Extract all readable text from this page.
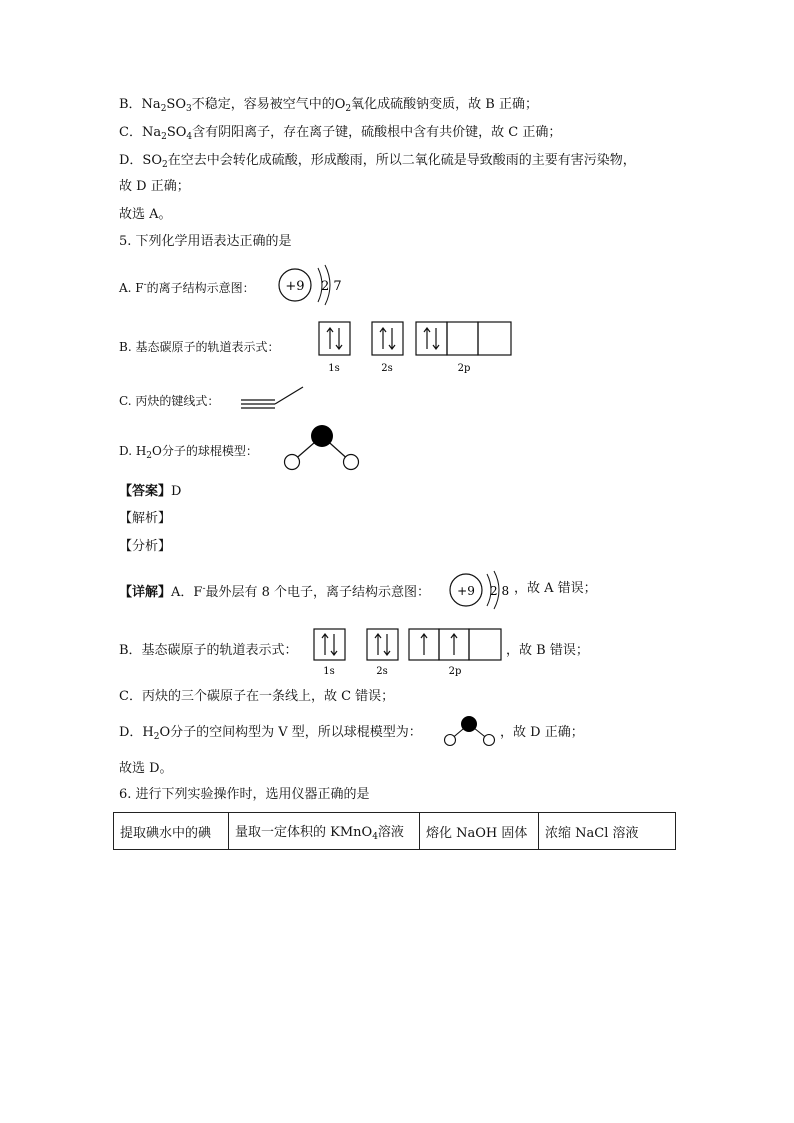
B．$Na_2SO_3$不稳定，容易被空气中的$O_2$氧化成硫酸钠变质，故 B 正确；
C．$Na_2SO_4$含有阴阳离子，存在离子键，硫酸根中含有共价键，故 C 正确；
D．$SO_2$在空去中会转化成硫酸，形成酸雨，所以二氧化硫是导致酸雨的主要有害污染物，
故 D 正确；
故选 A。
5. 下列化学用语表达正确的是
A. F-的离子结构示意图： +9 2 7
B. 基态碳原子的轨道表示式：
1s	2s	2p
C. 丙炔的键线式：
D. $H_2O$分子的球棍模型：
【答案】D
【解析】
【分析】
【详解】A．F-最外层有 8 个电子，离子结构示意图： +9 2 8 ，故 A 错误；
B．基态碳原子的轨道表示式：
1s	2s	2p
，故 B 错误；
C．丙炔的三个碳原子在一条线上，故 C 错误；
D．$H_2O$分子的空间构型为 V 型，所以球棍模型为：	，故 D 正确；
故选 D。
6. 进行下列实验操作时，选用仪器正确的是
提取碘水中的碘	量取一定体积的 KMnO$_4$溶液	熔化 NaOH 固体	浓缩 NaCl 溶液
